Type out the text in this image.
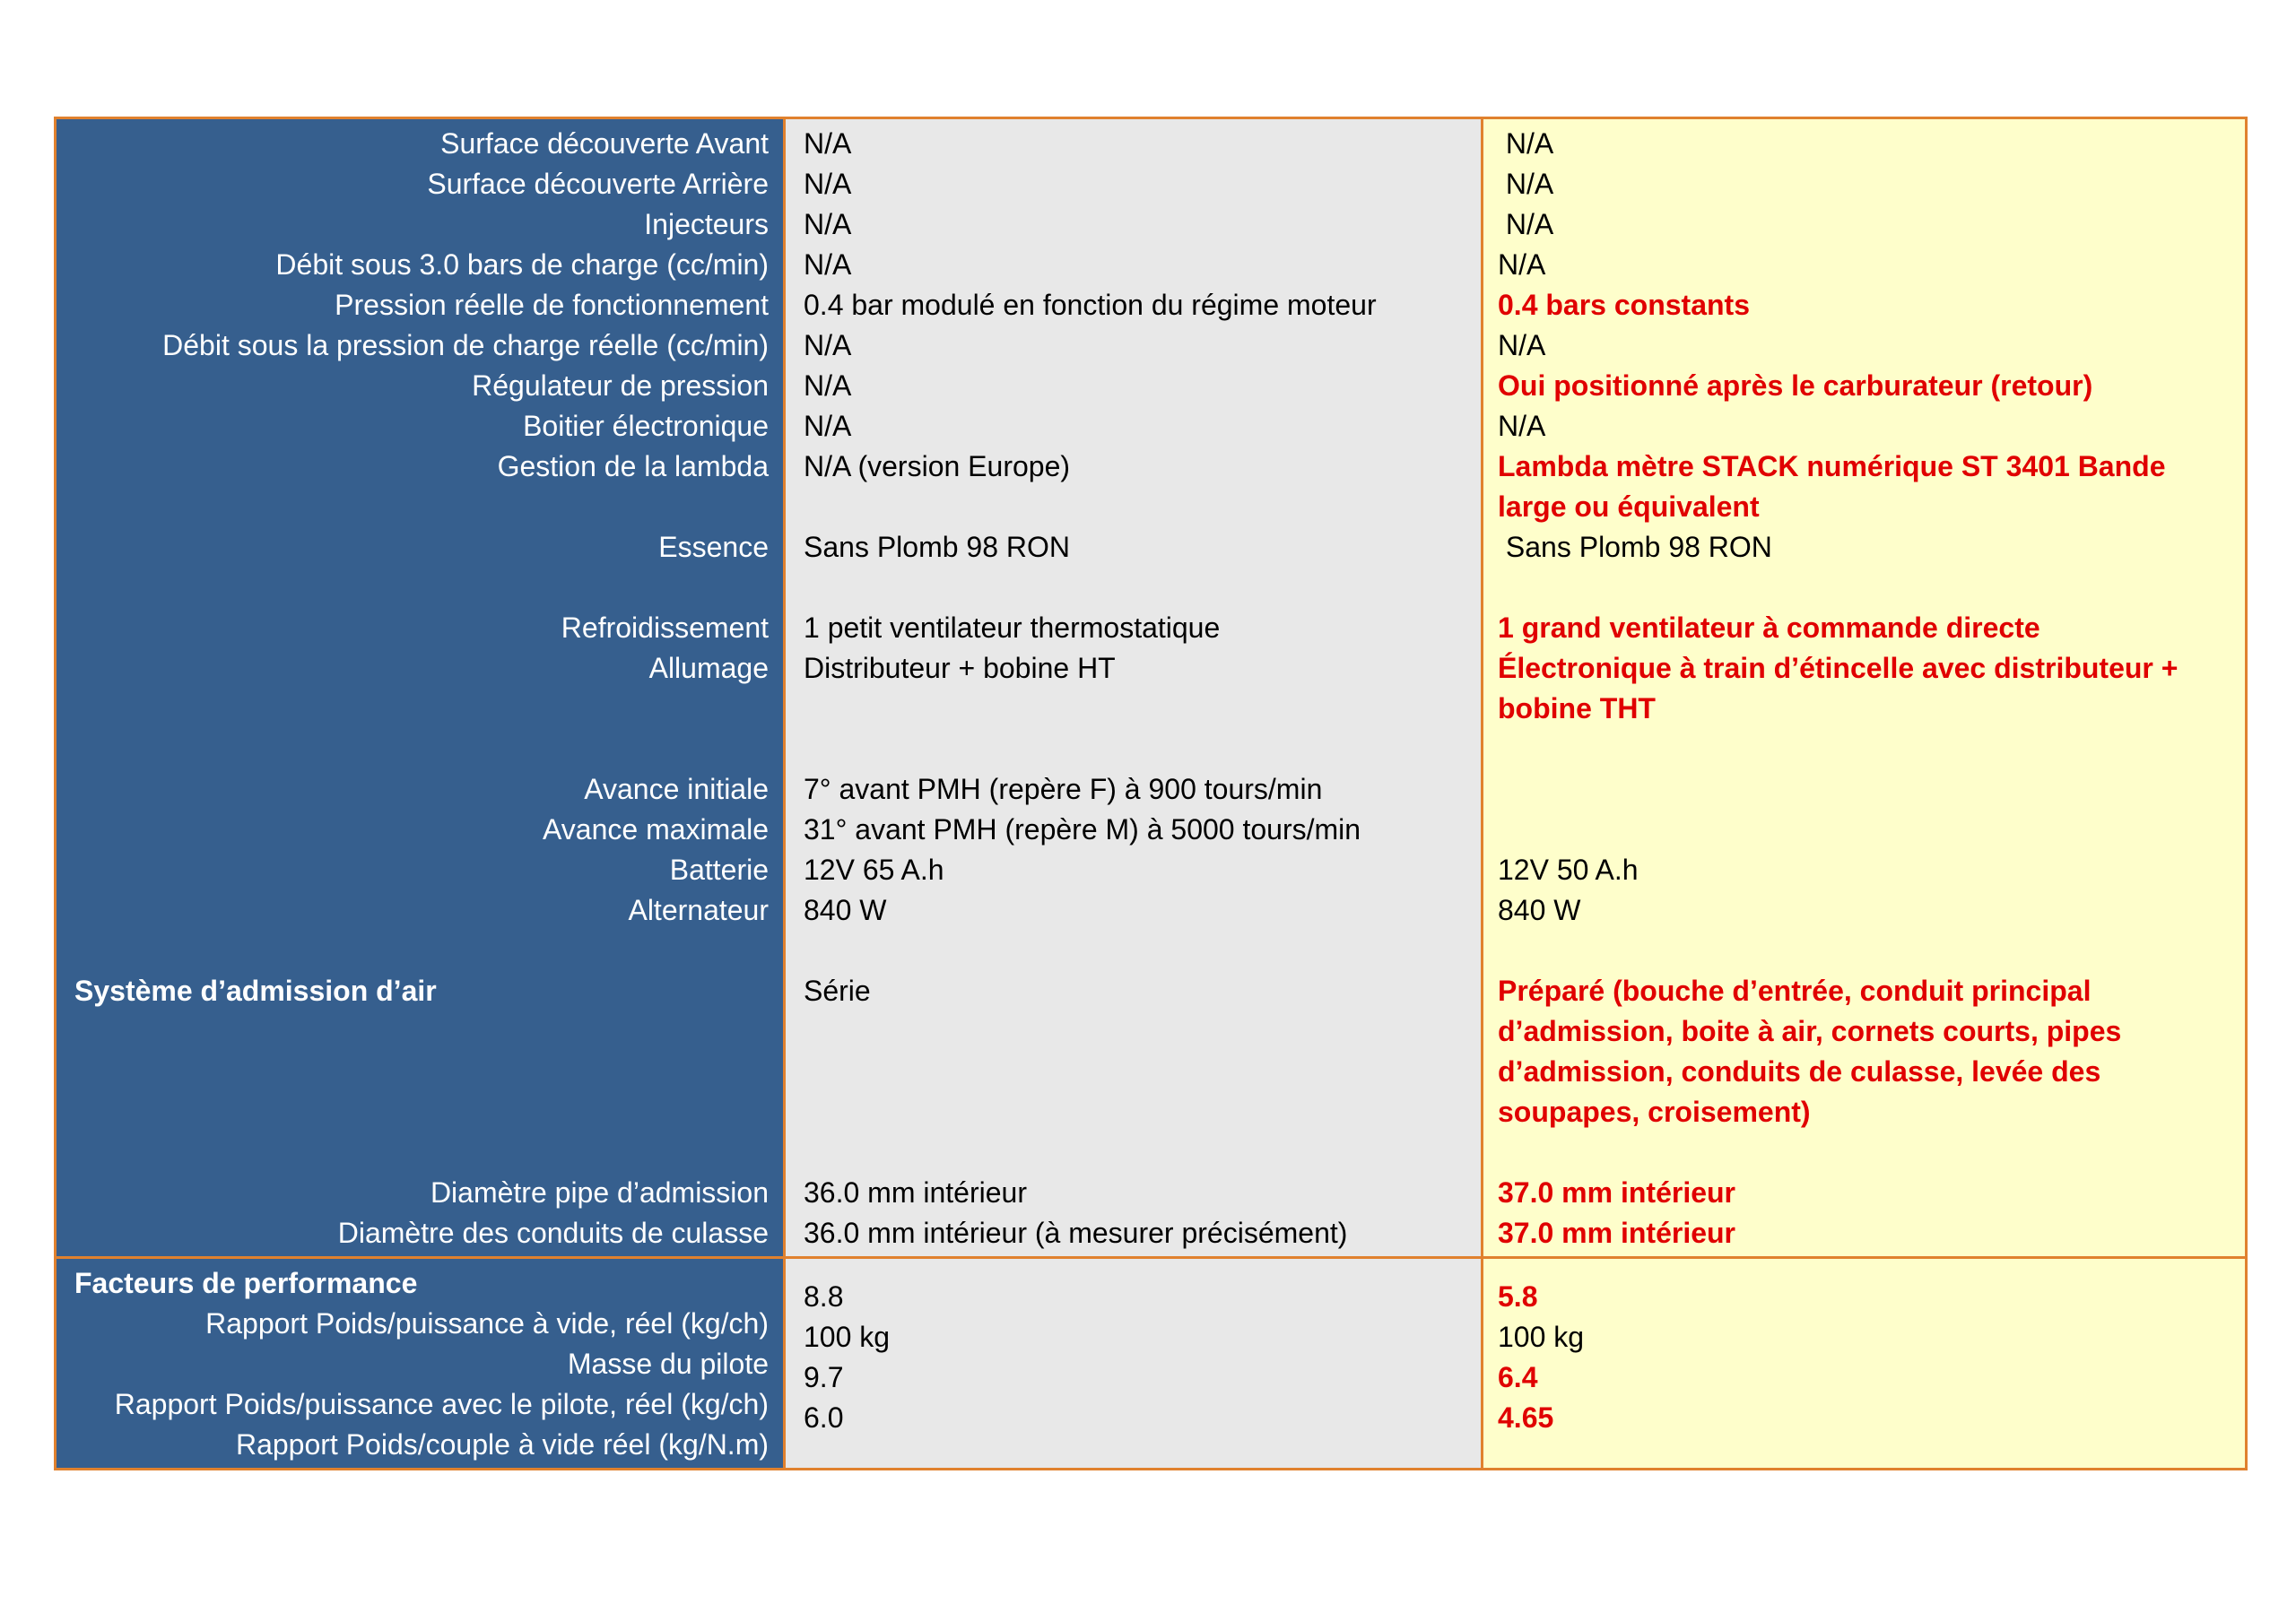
Surface découverte Avant
Surface découverte Arrière
Injecteurs
Débit sous 3.0 bars de charge (cc/min)
Pression réelle de fonctionnement
Débit sous la pression de charge réelle (cc/min)
Régulateur de pression
Boitier électronique
Gestion de la lambda
Essence
Refroidissement
Allumage
Avance initiale
Avance maximale
Batterie
Alternateur
Système d’admission d’air
Diamètre pipe d’admission
Diamètre des conduits de culasse
N/A
N/A
N/A
N/A
0.4 bar modulé en fonction du régime moteur
N/A
N/A
N/A
N/A (version Europe)
Sans Plomb 98 RON
1 petit ventilateur thermostatique
Distributeur + bobine HT
7° avant PMH (repère F) à 900 tours/min
31° avant PMH (repère M) à 5000 tours/min
12V 65 A.h
840 W
Série
36.0 mm intérieur
36.0 mm intérieur (à mesurer précisément)
N/A
N/A
N/A
N/A
0.4 bars constants
N/A
Oui positionné après le carburateur (retour)
N/A
Lambda mètre STACK numérique ST 3401 Bande large ou équivalent
Sans Plomb 98 RON
1 grand ventilateur à commande directe
Électronique à train d’étincelle avec distributeur + bobine THT
12V 50 A.h
840 W
Préparé (bouche d’entrée, conduit principal d’admission, boite à air, cornets courts, pipes d’admission, conduits de culasse, levée des soupapes, croisement)
37.0 mm intérieur
37.0 mm intérieur
Facteurs de performance
Rapport Poids/puissance à vide, réel (kg/ch)
Masse du pilote
Rapport Poids/puissance avec le pilote, réel (kg/ch)
Rapport Poids/couple à vide réel (kg/N.m)
8.8
100 kg
9.7
6.0
5.8
100 kg
6.4
4.65
